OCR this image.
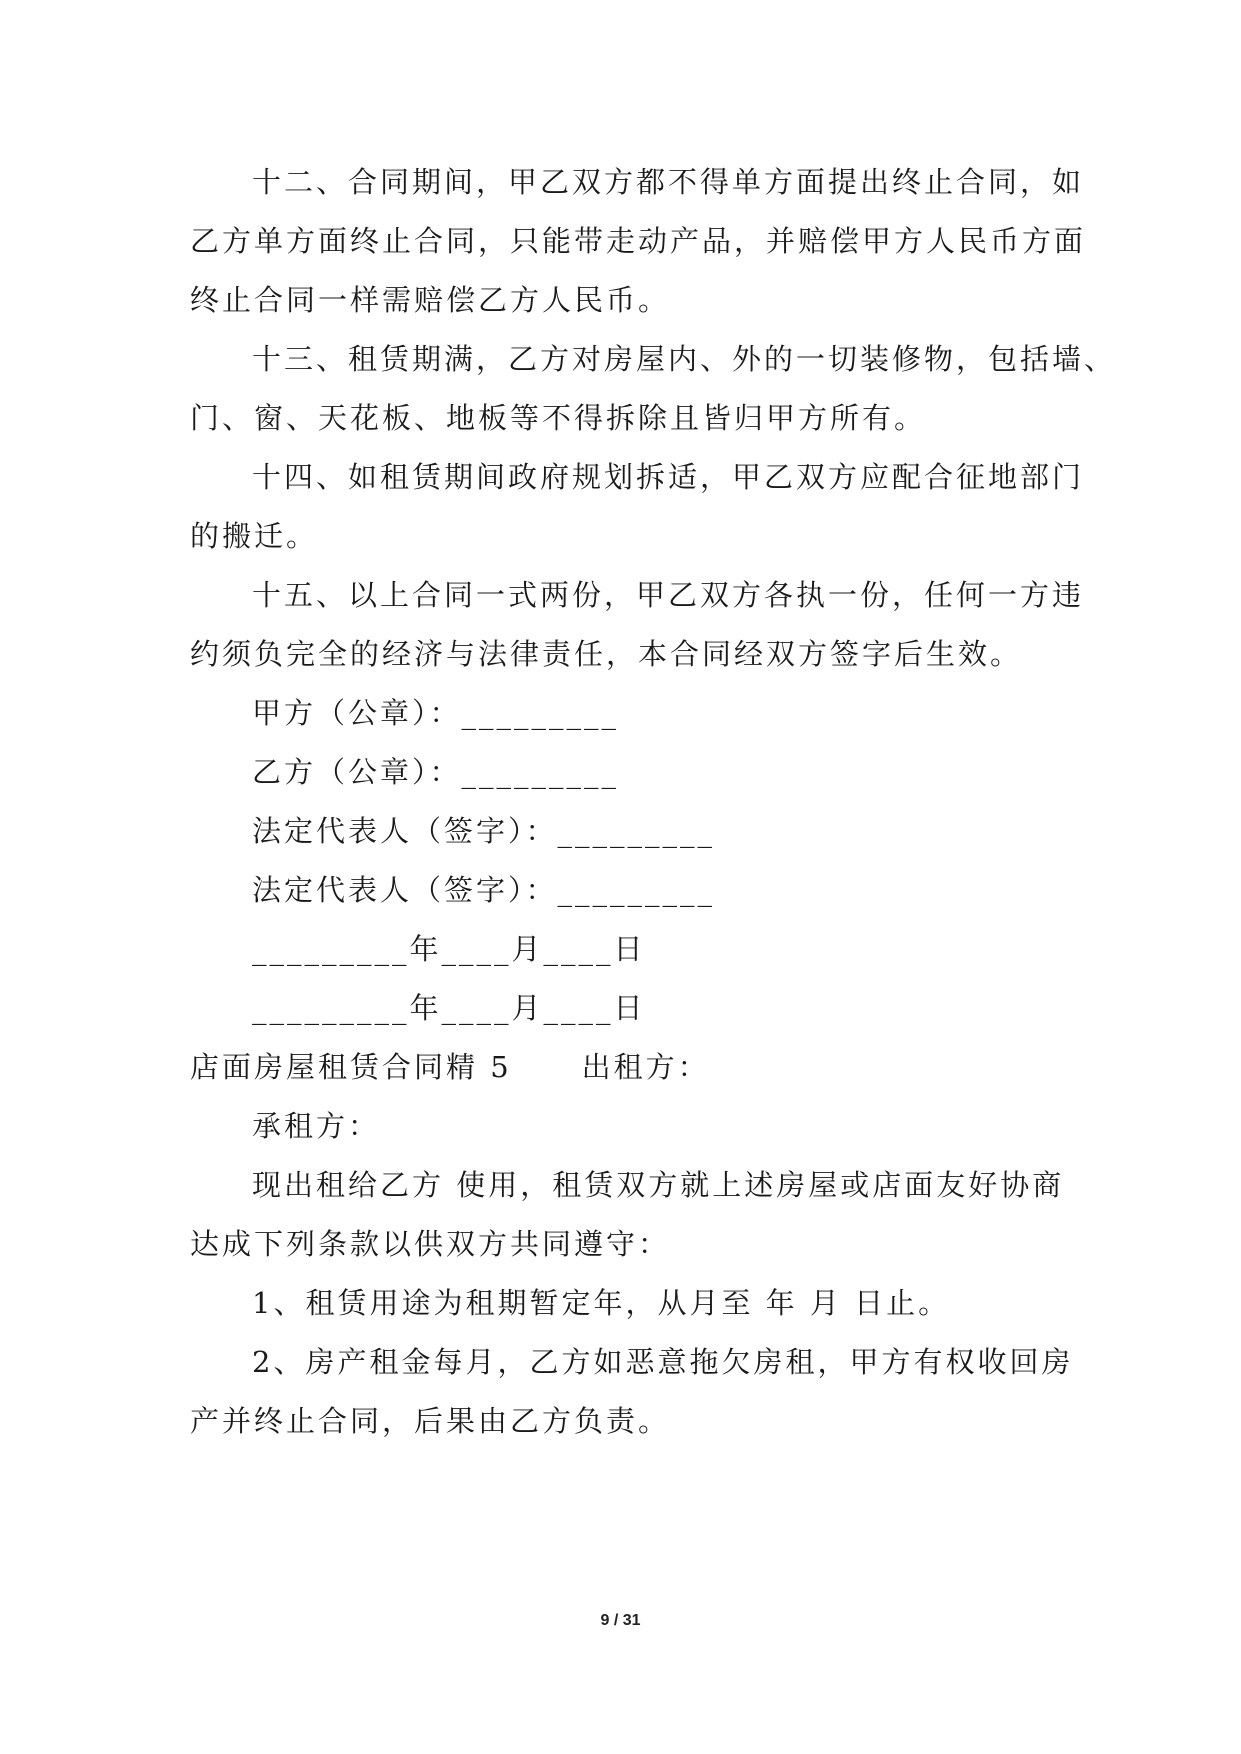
十二、合同期间，甲乙双方都不得单方面提出终止合同，如

乙方单方面终止合同，只能带走动产品，并赔偿甲方人民币方面

终止合同一样需赔偿乙方人民币。

十三、租赁期满，乙方对房屋内、外的一切装修物，包括墙、

门、窗、天花板、地板等不得拆除且皆归甲方所有。

十四、如租赁期间政府规划拆适，甲乙双方应配合征地部门

的搬迁。

十五、以上合同一式两份，甲乙双方各执一份，任何一方违

约须负完全的经济与法律责任，本合同经双方签字后生效。

甲方（公章）：_________

乙方（公章）：_________

法定代表人（签字）：_________

法定代表人（签字）：_________

_________年____月____日

_________年____月____日

店面房屋租赁合同精 5 出租方：

承租方：

现出租给乙方 使用，租赁双方就上述房屋或店面友好协商

达成下列条款以供双方共同遵守：

1、租赁用途为租期暂定年，从月至 年 月 日止。

2、房产租金每月，乙方如恶意拖欠房租，甲方有权收回房

产并终止合同，后果由乙方负责。

9 / 31
